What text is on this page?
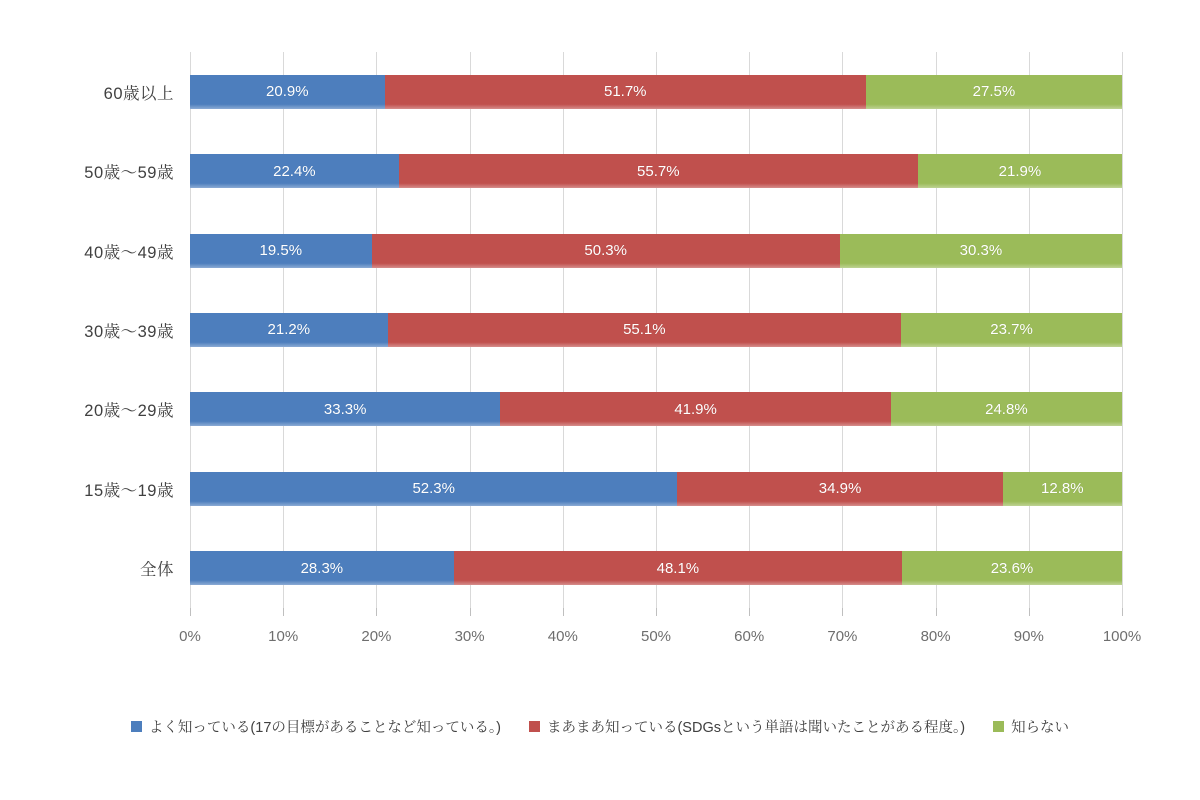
60歳以上
50歳〜59歳
40歳〜49歳
30歳〜39歳
20歳〜29歳
15歳〜19歳
全体
20.9%	51.7%	27.5%
22.4%	55.7%	21.9%
19.5%	50.3%	30.3%
21.2%	55.1%	23.7%
33.3%	41.9%	24.8%
52.3%	34.9%	12.8%
28.3%	48.1%	23.6%
0%	10%	20%	30%	40%	50%	60%	70%	80%	90%	100%
よく知っている(17の目標があることなど知っている。)	まあまあ知っている(SDGsという単語は聞いたことがある程度。)	知らない
